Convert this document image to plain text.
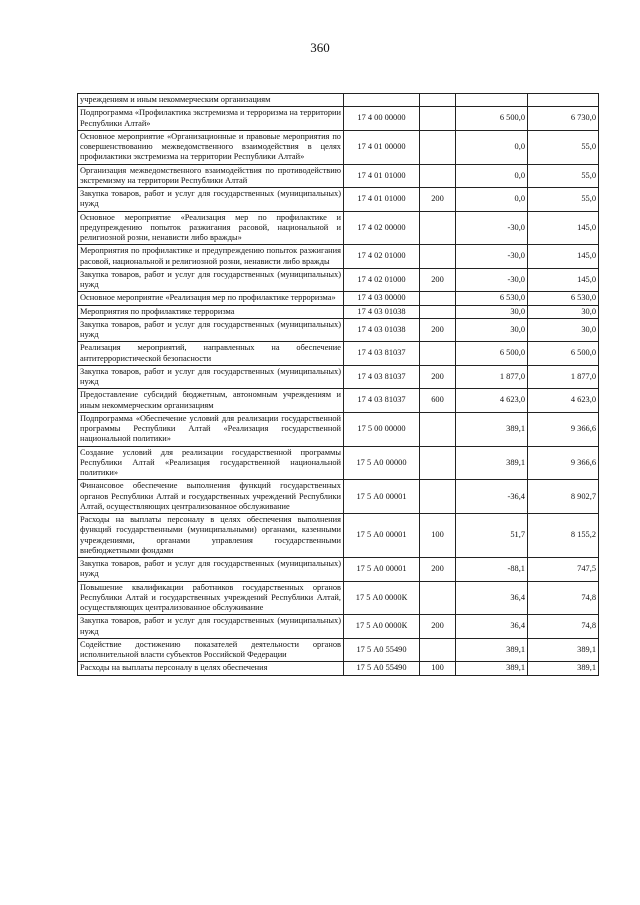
360
учреждениям и иным некоммерческим организациям				
Подпрограмма «Профилактика экстремизма и терроризма на территории Республики Алтай»	17 4 00 00000		6 500,0	6 730,0
Основное мероприятие «Организационные и правовые мероприятия по совершенствованию межведомственного взаимодействия в целях профилактики экстремизма на территории Республики Алтай»	17 4 01 00000		0,0	55,0
Организация межведомственного взаимодействия по противодействию экстремизму на территории Республики Алтай	17 4 01 01000		0,0	55,0
Закупка товаров, работ и услуг для государственных (муниципальных) нужд	17 4 01 01000	200	0,0	55,0
Основное мероприятие «Реализация мер по профилактике и предупреждению попыток разжигания расовой, национальной и религиозной розни, ненависти либо вражды»	17 4 02 00000		-30,0	145,0
Мероприятия по профилактике и предупреждению попыток разжигания расовой, национальной и религиозной розни, ненависти либо вражды	17 4 02 01000		-30,0	145,0
Закупка товаров, работ и услуг для государственных (муниципальных) нужд	17 4 02 01000	200	-30,0	145,0
Основное мероприятие «Реализация мер по профилактике терроризма»	17 4 03 00000		6 530,0	6 530,0
Мероприятия по профилактике терроризма	17 4 03 01038		30,0	30,0
Закупка товаров, работ и услуг для государственных (муниципальных) нужд	17 4 03 01038	200	30,0	30,0
Реализация мероприятий, направленных на обеспечение антитеррористической безопасности	17 4 03 81037		6 500,0	6 500,0
Закупка товаров, работ и услуг для государственных (муниципальных) нужд	17 4 03 81037	200	1 877,0	1 877,0
Предоставление субсидий бюджетным, автономным учреждениям и иным некоммерческим организациям	17 4 03 81037	600	4 623,0	4 623,0
Подпрограмма «Обеспечение условий для реализации государственной программы Республики Алтай «Реализация государственной национальной политики»	17 5 00 00000		389,1	9 366,6
Создание условий для реализации государственной программы Республики Алтай «Реализация государственной национальной политики»	17 5 А0 00000		389,1	9 366,6
Финансовое обеспечение выполнения функций государственных органов Республики Алтай и государственных учреждений Республики Алтай, осуществляющих централизованное обслуживание	17 5 А0 00001		-36,4	8 902,7
Расходы на выплаты персоналу в целях обеспечения выполнения функций государственными (муниципальными) органами, казенными учреждениями, органами управления государственными внебюджетными фондами	17 5 А0 00001	100	51,7	8 155,2
Закупка товаров, работ и услуг для государственных (муниципальных) нужд	17 5 А0 00001	200	-88,1	747,5
Повышение квалификации работников государственных органов Республики Алтай и государственных учреждений Республики Алтай, осуществляющих централизованное обслуживание	17 5 А0 0000К		36,4	74,8
Закупка товаров, работ и услуг для государственных (муниципальных) нужд	17 5 А0 0000К	200	36,4	74,8
Содействие достижению показателей деятельности органов исполнительной власти субъектов Российской Федерации	17 5 А0 55490		389,1	389,1
Расходы на выплаты персоналу в целях обеспечения	17 5 А0 55490	100	389,1	389,1
